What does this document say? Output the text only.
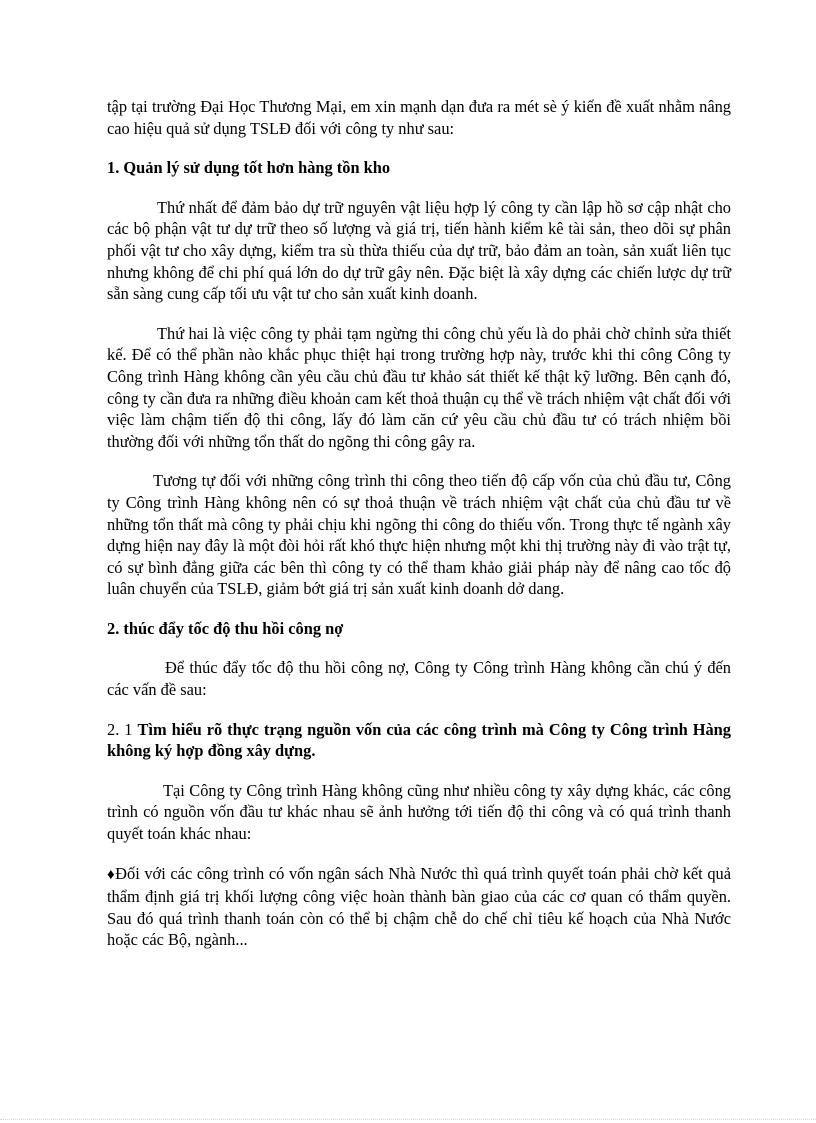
tập tại trường Đại Học Thương Mại, em xin mạnh dạn đưa ra mét sè ý kiến đề xuất nhằm nâng cao hiệu quả sử dụng TSLĐ đối với công ty như sau:

1. Quản lý sử dụng tốt hơn hàng tồn kho

Thứ nhất để đảm bảo dự trữ nguyên vật liệu hợp lý công ty cần lập hồ sơ cập nhật cho các bộ phận vật tư dự trữ theo số lượng và giá trị, tiến hành kiểm kê tài sản, theo dõi sự phân phối vật tư cho xây dựng, kiểm tra sù thừa thiếu của dự trữ, bảo đảm an toàn, sản xuất liên tục nhưng không để chi phí quá lớn do dự trữ gây nên. Đặc biệt là xây dựng các chiến lược dự trữ sẵn sàng cung cấp tối ưu vật tư cho sản xuất kinh doanh.

Thứ hai là việc công ty phải tạm ngừng thi công chủ yếu là do phải chờ chỉnh sửa thiết kế. Để có thể phần nào khắc phục thiệt hại trong trường hợp này, trước khi thi công Công ty Công trình Hàng không cần yêu cầu chủ đầu tư khảo sát thiết kế thật kỹ lưỡng. Bên cạnh đó, công ty cần đưa ra những điều khoản cam kết thoả thuận cụ thể về trách nhiệm vật chất đối với việc làm chậm tiến độ thi công, lấy đó làm căn cứ yêu cầu chủ đầu tư có trách nhiệm bồi thường đối với những tổn thất do ngõng thi công gây ra.

Tương tự đối với những công trình thi công theo tiến độ cấp vốn của chủ đầu tư, Công ty Công trình Hàng không nên có sự thoả thuận về trách nhiệm vật chất của chủ đầu tư về những tổn thất mà công ty phải chịu khi ngõng thi công do thiếu vốn. Trong thực tế ngành xây dựng hiện nay đây là một đòi hỏi rất khó thực hiện nhưng một khi thị trường này đi vào trật tự, có sự bình đẳng giữa các bên thì công ty có thể tham khảo giải pháp này để nâng cao tốc độ luân chuyển của TSLĐ, giảm bớt giá trị sản xuất kinh doanh dở dang.

2. thúc đẩy tốc độ thu hồi công nợ

Để thúc đẩy tốc độ thu hồi công nợ, Công ty Công trình Hàng không cần chú ý đến các vấn đề sau:

2. 1 Tìm hiểu rõ thực trạng nguồn vốn của các công trình mà Công ty Công trình Hàng không ký hợp đồng xây dựng.

Tại Công ty Công trình Hàng không cũng như nhiều công ty xây dựng khác, các công trình có nguồn vốn đầu tư khác nhau sẽ ảnh hưởng tới tiến độ thi công và có quá trình thanh quyết toán khác nhau:

♦Đối với các công trình có vốn ngân sách Nhà Nước thì quá trình quyết toán phải chờ kết quả thẩm định giá trị khối lượng công việc hoàn thành bàn giao của các cơ quan có thẩm quyền. Sau đó quá trình thanh toán còn có thể bị chậm chễ do chế chỉ tiêu kế hoạch của Nhà Nước hoặc các Bộ, ngành...
